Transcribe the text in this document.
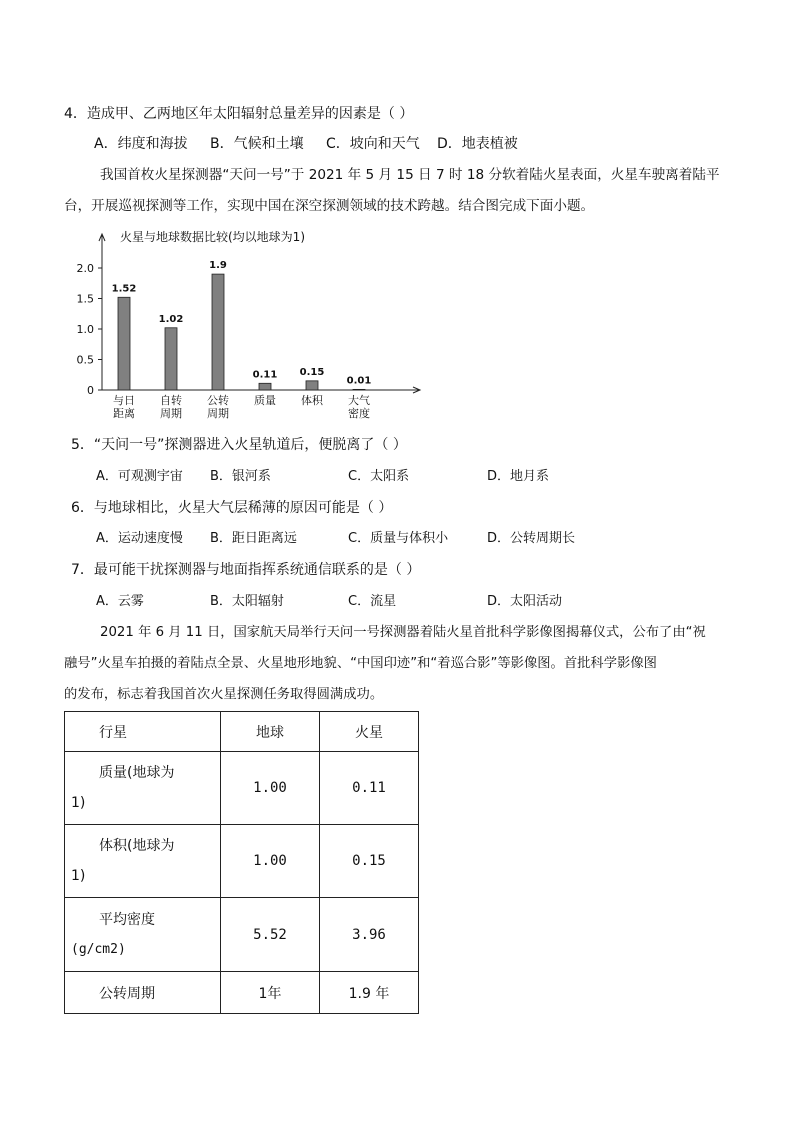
4．造成甲、乙两地区年太阳辐射总量差异的因素是（ ）
A．纬度和海拔 B．气候和土壤 C．坡向和天气 D．地表植被
我国首枚火星探测器“天问一号”于 2021 年 5 月 15 日 7 时 18 分软着陆火星表面，火星车驶离着陆平
台，开展巡视探测等工作，实现中国在深空探测领域的技术跨越。结合图完成下面小题。
火星与地球数据比较(均以地球为1)
0
0.5
1.0
1.5
2.0
1.52
与日
距离
1.02
自转
周期
1.9
公转
周期
0.11
质量
0.15
体积
0.01
大气
密度
5．“天问一号”探测器进入火星轨道后，便脱离了（ ）
A．可观测宇宙 B．银河系	C．太阳系	D．地月系
6．与地球相比，火星大气层稀薄的原因可能是（ ）
A．运动速度慢 B．距日距离远	C．质量与体积小	D．公转周期长
7．最可能干扰探测器与地面指挥系统通信联系的是（ ）
A．云雾	B．太阳辐射	C．流星	D．太阳活动
2021 年 6 月 11 日，国家航天局举行天问一号探测器着陆火星首批科学影像图揭幕仪式，公布了由“祝
融号”火星车拍摄的着陆点全景、火星地形地貌、“中国印迹”和“着巡合影”等影像图。首批科学影像图
的发布，标志着我国首次火星探测任务取得圆满成功。
行星	地球	火星

质量(地球为
1)	1.00	0.11

体积(地球为
1)	1.00	0.15

平均密度
(g/cm2)	5.52	3.96
公转周期	1年	1.9 年
